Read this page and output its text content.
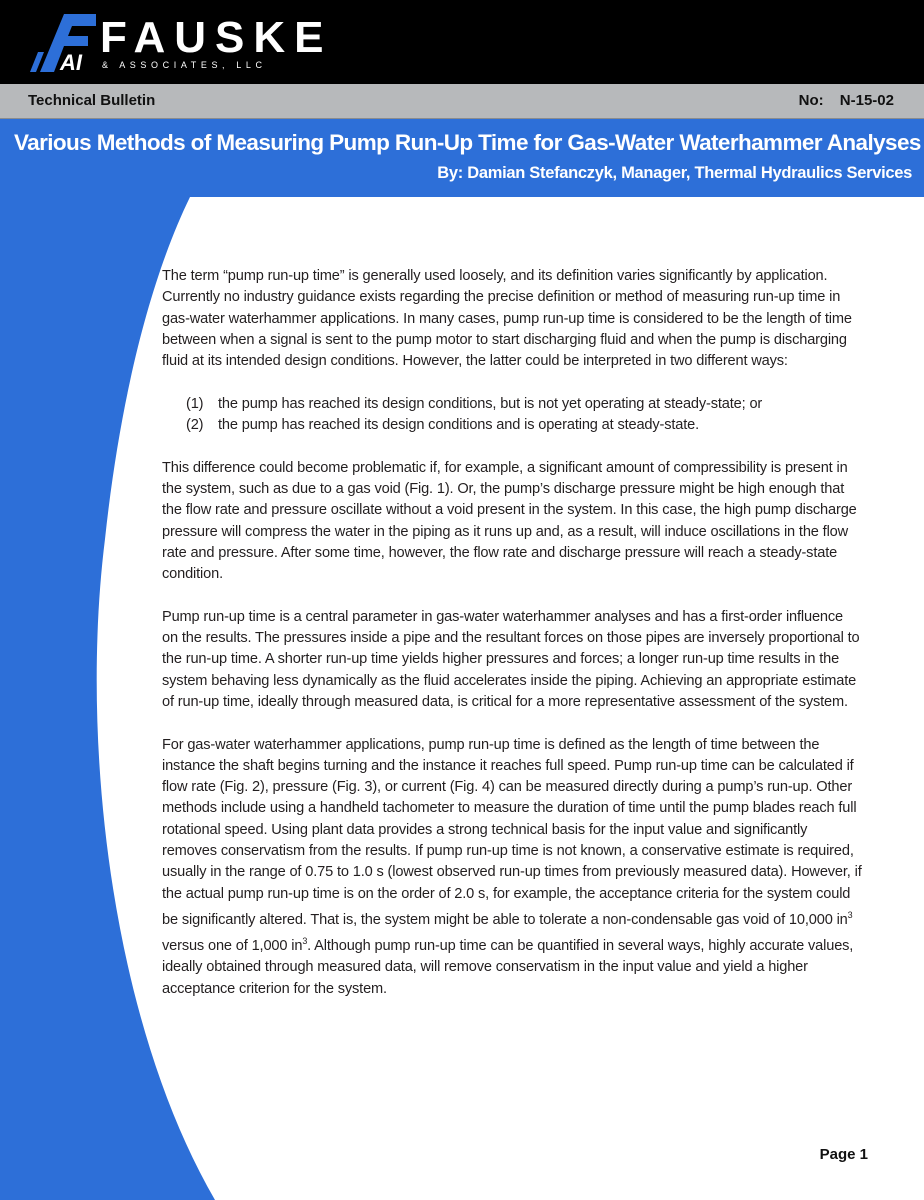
AI
FAUSKE
& ASSOCIATES, LLC
Technical Bulletin	No: N-15-02
Various Methods of Measuring Pump Run-Up Time for Gas-Water Waterhammer Analyses
By: Damian Stefanczyk, Manager, Thermal Hydraulics Services

The term “pump run-up time” is generally used loosely, and its definition varies significantly by application. Currently no industry guidance exists regarding the precise definition or method of measuring run-up time in gas-water waterhammer applications. In many cases, pump run-up time is considered to be the length of time between when a signal is sent to the pump motor to start discharging fluid and when the pump is discharging fluid at its intended design conditions. However, the latter could be interpreted in two different ways:

(1)	the pump has reached its design conditions, but is not yet operating at steady-state; or
(2)	the pump has reached its design conditions and is operating at steady-state.

This difference could become problematic if, for example, a significant amount of compressibility is present in the system, such as due to a gas void (Fig. 1). Or, the pump’s discharge pressure might be high enough that the flow rate and pressure oscillate without a void present in the system. In this case, the high pump discharge pressure will compress the water in the piping as it runs up and, as a result, will induce oscillations in the flow rate and pressure. After some time, however, the flow rate and discharge pressure will reach a steady-state condition.

Pump run-up time is a central parameter in gas-water waterhammer analyses and has a first-order influence on the results. The pressures inside a pipe and the resultant forces on those pipes are inversely proportional to the run-up time. A shorter run-up time yields higher pressures and forces; a longer run-up time results in the system behaving less dynamically as the fluid accelerates inside the piping. Achieving an appropriate estimate of run-up time, ideally through measured data, is critical for a more representative assessment of the system.

For gas-water waterhammer applications, pump run-up time is defined as the length of time between the instance the shaft begins turning and the instance it reaches full speed. Pump run-up time can be calculated if flow rate (Fig. 2), pressure (Fig. 3), or current (Fig. 4) can be measured directly during a pump’s run-up. Other methods include using a handheld tachometer to measure the duration of time until the pump blades reach full rotational speed. Using plant data provides a strong technical basis for the input value and significantly removes conservatism from the results. If pump run-up time is not known, a conservative estimate is required, usually in the range of 0.75 to 1.0 s (lowest observed run-up times from previously measured data). However, if the actual pump run-up time is on the order of 2.0 s, for example, the acceptance criteria for the system could be significantly altered. That is, the system might be able to tolerate a non-condensable gas void of 10,000 $in^3$ versus one of 1,000 $in^3$. Although pump run-up time can be quantified in several ways, highly accurate values, ideally obtained through measured data, will remove conservatism in the input value and yield a higher acceptance criterion for the system.

Page 1
